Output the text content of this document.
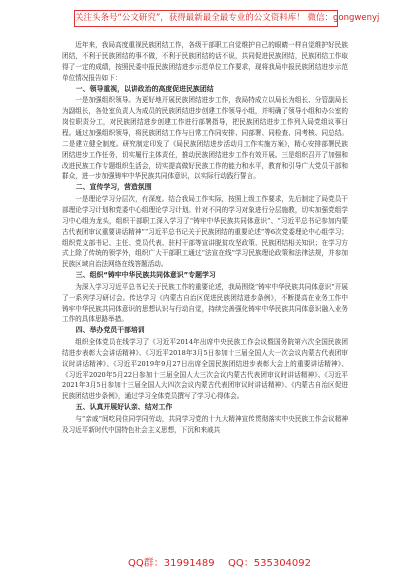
关注头条号“公文研究”，获得最新最全最专业的公文资料库！ 微信：gongwenyj

近年来，我局高度重视民族团结工作，各级干部职工自觉维护自己的眼睛一样自觉维护好民族团结，不利于民族团结的事不做，不利于民族团结的话不说，共同促进民族团结，民族团结工作取得了一定的成绩，按照民委申报民族团结进步示范单位工作要求，现将我局申报民族团结进步示范单位情况报告如下：

一、领导重视，以讲政治的高度促进民族团结

一是加强组织领导。为更好地开展民族团结进步工作，我局特成立以局长为组长、分管副局长为副组长，各处室负责人为成员的民族团结进步创建工作领导小组，并明确了领导小组和办公室的岗位职责分工，对民族团结进步创建工作进行部署指导，把民族团结进步工作列入局党组议事日程。通过加强组织领导，将民族团结工作与日常工作同安排、同部署、同检查、同考核、同总结。二是建立健全制度。研究制定印发了《局民族团结进步活动月工作实施方案》，精心安排部署民族团结进步工作任务，切实履行主体责任，推动民族团结进步工作有效开展。三是组织召开了加强和改进民族工作专题组织生活会，切实提高做好民族工作的能力和水平，教育和引导广大党员干部和群众，进一步加强铸牢中华民族共同体意识，以实际行动践行誓言。

二、宣传学习，营造氛围

一是理论学习分层次，有深度。结合我局工作实际，按照上级工作要求，先后制定了局党员干部理论学习计划和党委中心组理论学习计划。针对不同的学习对象进行分层施教，切实加强党组学习中心组为龙头，组织干部职工深入学习了“铸牢中华民族共同体意识”、“习近平总书记参加内蒙古代表团审议重要讲话精神”“习近平总书记关于民族团结的重要论述”等6次党委理论中心组学习；组织党支部书记、主任、党员代表、驻村干部等宣讲脱贫攻坚政策、民族团结相关知识；在学习方式上除了传统的领学外，组织广大干部职工通过“法宣在线”学习民族理论政策和法律法规，并参加民族区域自治法网络在线答题活动。

三、组织“铸牢中华民族共同体意识”专题学习

为深入学习习近平总书记关于民族工作的重要论述，我局围绕“铸牢中华民族共同体意识”开展了一系列学习研讨会。传达学习《内蒙古自治区促进民族团结进步条例》，不断提高在业务工作中铸牢中华民族共同体意识的思想认识与行动自觉，持续完善强化铸牢中华民族共同体意识融入业务工作的具体思路举措。

四、举办党员干部培训

组织全体党员在线学习了《习近平2014年出席中央民族工作会议暨国务院第六次全国民族团结进步表彰大会讲话精神》、《习近平2018年3月5日参加十三届全国人大一次会议内蒙古代表团审议时讲话精神》、《习近平2019年9月27日出席全国民族团结进步表彰大会上的重要讲话精神》、《习近平2020年5月22日参加十三届全国人大三次会议内蒙古代表团审议时讲话精神》、《习近平2021年3月5日参加十三届全国人大四次会议内蒙古代表团审议时讲话精神》、《内蒙古自治区促进民族团结进步条例》，通过学习全体党员撰写了学习心得体会。

五、认真开展好认亲、结对工作

与“亲戚”间吃同住同学同劳动，共同学习党的十九大精神宣传贯彻落实中央民族工作会议精神及习近平新时代中国特色社会主义思想，下沉和来戚共

QQ群：31991489 QQ：535304092
